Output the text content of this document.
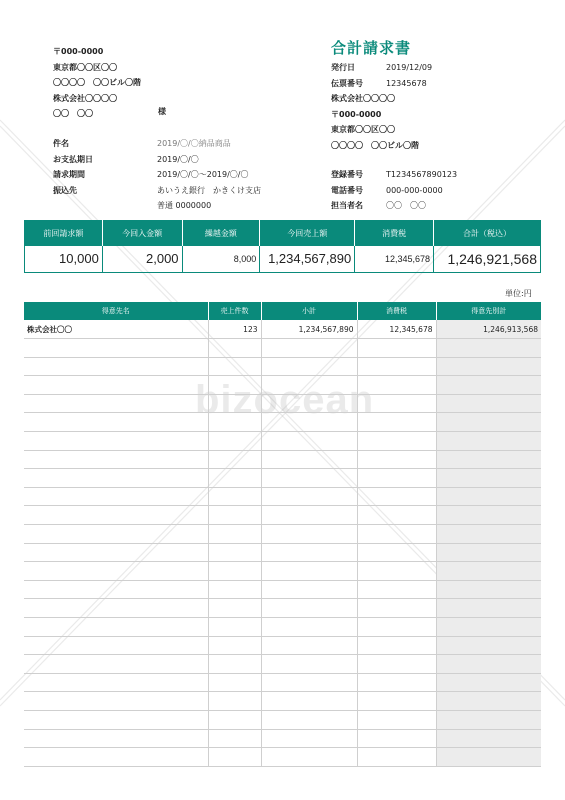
bizocean
合計請求書
〒000-0000
東京都〇〇区〇〇
〇〇〇〇　〇〇ビル〇階
株式会社〇〇〇〇
〇〇　〇〇	様
発行日	2019/12/09
伝票番号	12345678
株式会社〇〇〇〇
〒000-0000
東京都〇〇区〇〇
〇〇〇〇　〇〇ビル〇階
件名	2019/〇/〇納品商品
お支払期日	2019/〇/〇
請求期間	2019/〇/〇〜2019/〇/〇
振込先	あいうえ銀行　かきくけ支店
普通 0000000
登録番号	T1234567890123
電話番号	000-000-0000
担当者名	〇〇　〇〇
前回請求額	今回入金額	繰越金額	今回売上額	消費税	合計（税込）
10,000	2,000	8,000	1,234,567,890	12,345,678	1,246,921,568
単位:円
得意先名	売上件数	小計	消費税	得意先別計
株式会社〇〇	123	1,234,567,890	12,345,678	1,246,913,568
